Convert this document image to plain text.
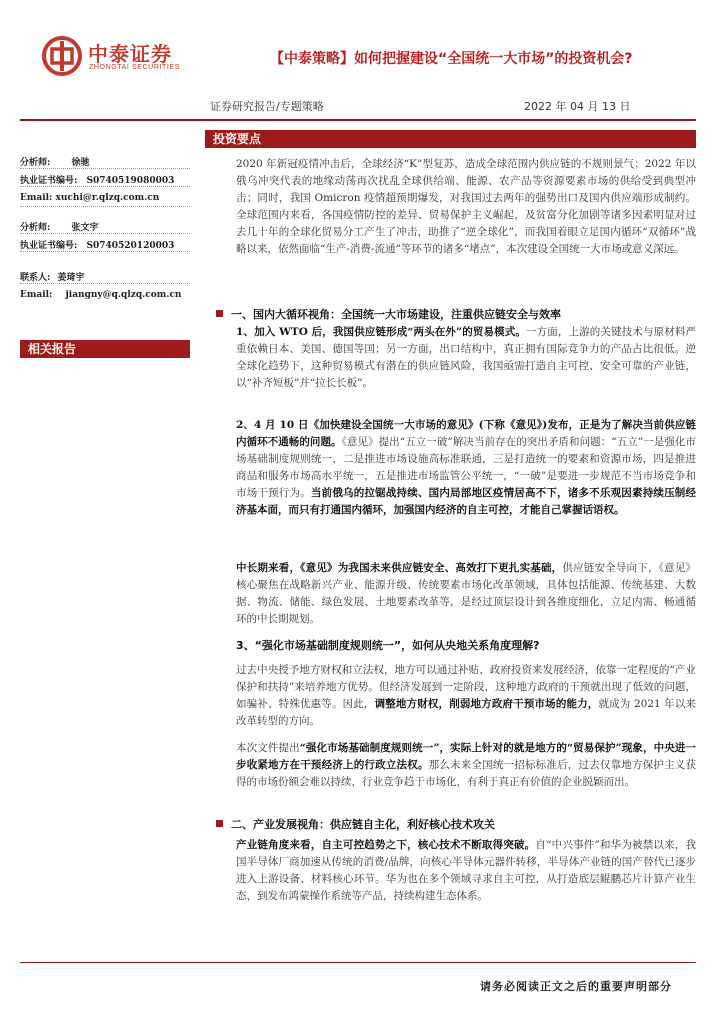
中泰证券
ZHONGTAI SECURITIES
【中泰策略】如何把握建设“全国统一大市场”的投资机会?
证券研究报告/专题策略	2022 年 04 月 13 日
投资要点
分析师: 徐驰
执业证书编号: S0740519080003
Email: xuchi@r.qlzq.com.cn
分析师: 张文宇
执业证书编号: S0740520120003
联系人: 姜琦宇
Email: jiangny@q.qlzq.com.cn
相关报告
2020 年新冠疫情冲击后，全球经济“K”型复苏，造成全球范围内供应链的不规则景气；2022 年以俄乌冲突代表的地缘动荡再次扰乱全球供给端、能源、农产品等资源要素市场的供给受到典型冲击；同时，我国 Omicron 疫情超预期爆发，对我国过去两年的强势出口及国内供应端形成制约。全球范围内来看，各国疫情防控的差异、贸易保护主义崛起，及贫富分化加剧等诸多因素明显对过去几十年的全球化贸易分工产生了冲击，助推了“逆全球化”，而我国着眼立足国内循环“双循环”战略以来，依然面临“生产-消费-流通”等环节的诸多“堵点”，本次建设全国统一大市场或意义深远。
一、国内大循环视角：全国统一大市场建设，注重供应链安全与效率
1、加入 WTO 后，我国供应链形成“两头在外”的贸易模式。一方面，上游的关键技术与原材料严重依赖日本、美国、德国等国；另一方面，出口结构中，真正拥有国际竞争力的产品占比很低。逆全球化趋势下，这种贸易模式有潜在的供应链风险，我国亟需打造自主可控、安全可靠的产业链，以“补齐短板”并“拉长长板”。
2、4 月 10 日《加快建设全国统一大市场的意见》(下称《意见》)发布，正是为了解决当前供应链内循环不通畅的问题。《意见》提出“五立一破”解决当前存在的突出矛盾和问题：“五立”一是强化市场基础制度规则统一，二是推进市场设施高标准联通，三是打造统一的要素和资源市场，四是推进商品和服务市场高水平统一，五是推进市场监管公平统一，“一破”是要进一步规范不当市场竞争和市场干预行为。当前俄乌的拉锯战持续、国内局部地区疫情居高不下，诸多不乐观因素持续压制经济基本面，而只有打通国内循环，加强国内经济的自主可控，才能自己掌握话语权。
中长期来看，《意见》为我国未来供应链安全、高效打下更扎实基础，供应链安全导向下，《意见》核心聚焦在战略新兴产业、能源升级、传统要素市场化改革领域，具体包括能源、传统基建、大数据、物流、储能、绿色发展、土地要素改革等，是经过顶层设计到各维度细化，立足内需、畅通循环的中长期规划。
3、“强化市场基础制度规则统一”，如何从央地关系角度理解?
过去中央授予地方财权和立法权，地方可以通过补贴、政府投资来发展经济，依靠一定程度的“产业保护和扶持”来培养地方优势。但经济发展到一定阶段，这种地方政府的干预就出现了低效的问题，如骗补、特殊优惠等。因此，调整地方财权，削弱地方政府干预市场的能力，就成为 2021 年以来改革转型的方向。
本次文件提出“强化市场基础制度规则统一”，实际上针对的就是地方的“贸易保护”现象，中央进一步收紧地方在干预经济上的行政立法权。那么未来全国统一招标标准后，过去仅靠地方保护主义获得的市场份额会难以持续，行业竞争趋于市场化，有利于真正有价值的企业脱颖而出。
二、产业发展视角：供应链自主化，利好核心技术攻关
产业链角度来看，自主可控趋势之下，核心技术不断取得突破。自“中兴事件”和华为被禁以来，我国半导体厂商加速从传统的消费/晶牌，向核心半导体元器件转移，半导体产业链的国产替代已逐步进入上游设备、材料核心环节。华为也在多个领域寻求自主可控，从打造底层鲲鹏芯片计算产业生态，到发布鸿蒙操作系统等产品，持续构建生态体系。
请务必阅读正文之后的重要声明部分
